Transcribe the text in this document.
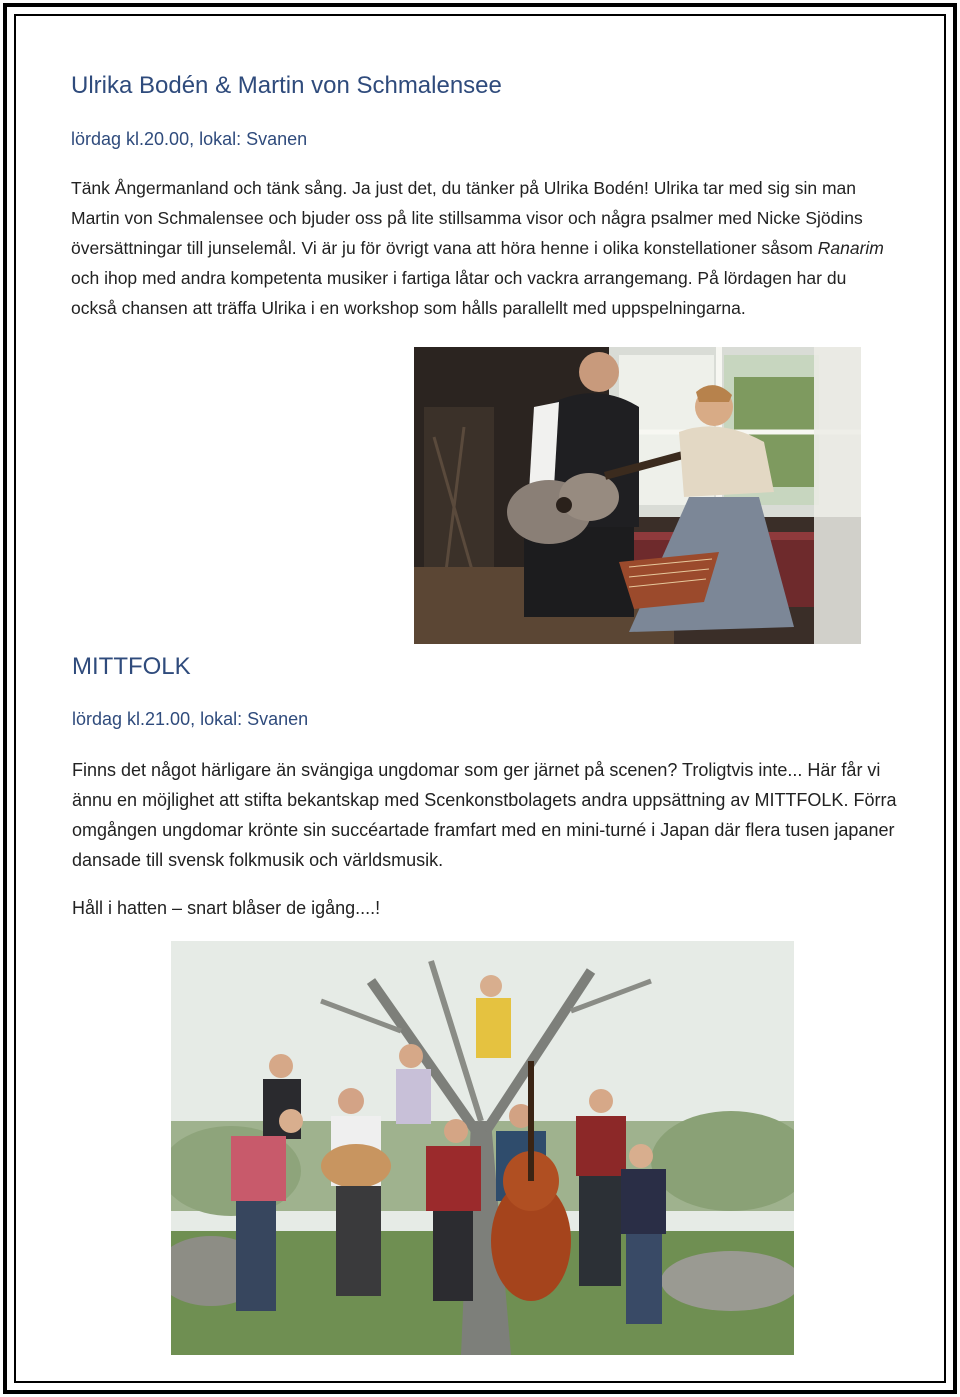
Ulrika Bodén & Martin von Schmalensee

lördag kl.20.00, lokal: Svanen

Tänk Ångermanland och tänk sång. Ja just det, du tänker på Ulrika Bodén! Ulrika tar med sig sin man Martin von Schmalensee och bjuder oss på lite stillsamma visor och några psalmer med Nicke Sjödins översättningar till junselemål. Vi är ju för övrigt vana att höra henne i olika konstellationer såsom Ranarim och ihop med andra kompetenta musiker i fartiga låtar och vackra arrangemang. På lördagen har du också chansen att träffa Ulrika i en workshop som hålls parallellt med uppspelningarna.

MITTFOLK

lördag kl.21.00, lokal: Svanen

Finns det något härligare än svängiga ungdomar som ger järnet på scenen? Troligtvis inte... Här får vi ännu en möjlighet att stifta bekantskap med Scenkonstbolagets andra uppsättning av MITTFOLK. Förra omgången ungdomar krönte sin succéartade framfart med en mini-turné i Japan där flera tusen japaner dansade till svensk folkmusik och världsmusik.

Håll i hatten – snart blåser de igång....!
